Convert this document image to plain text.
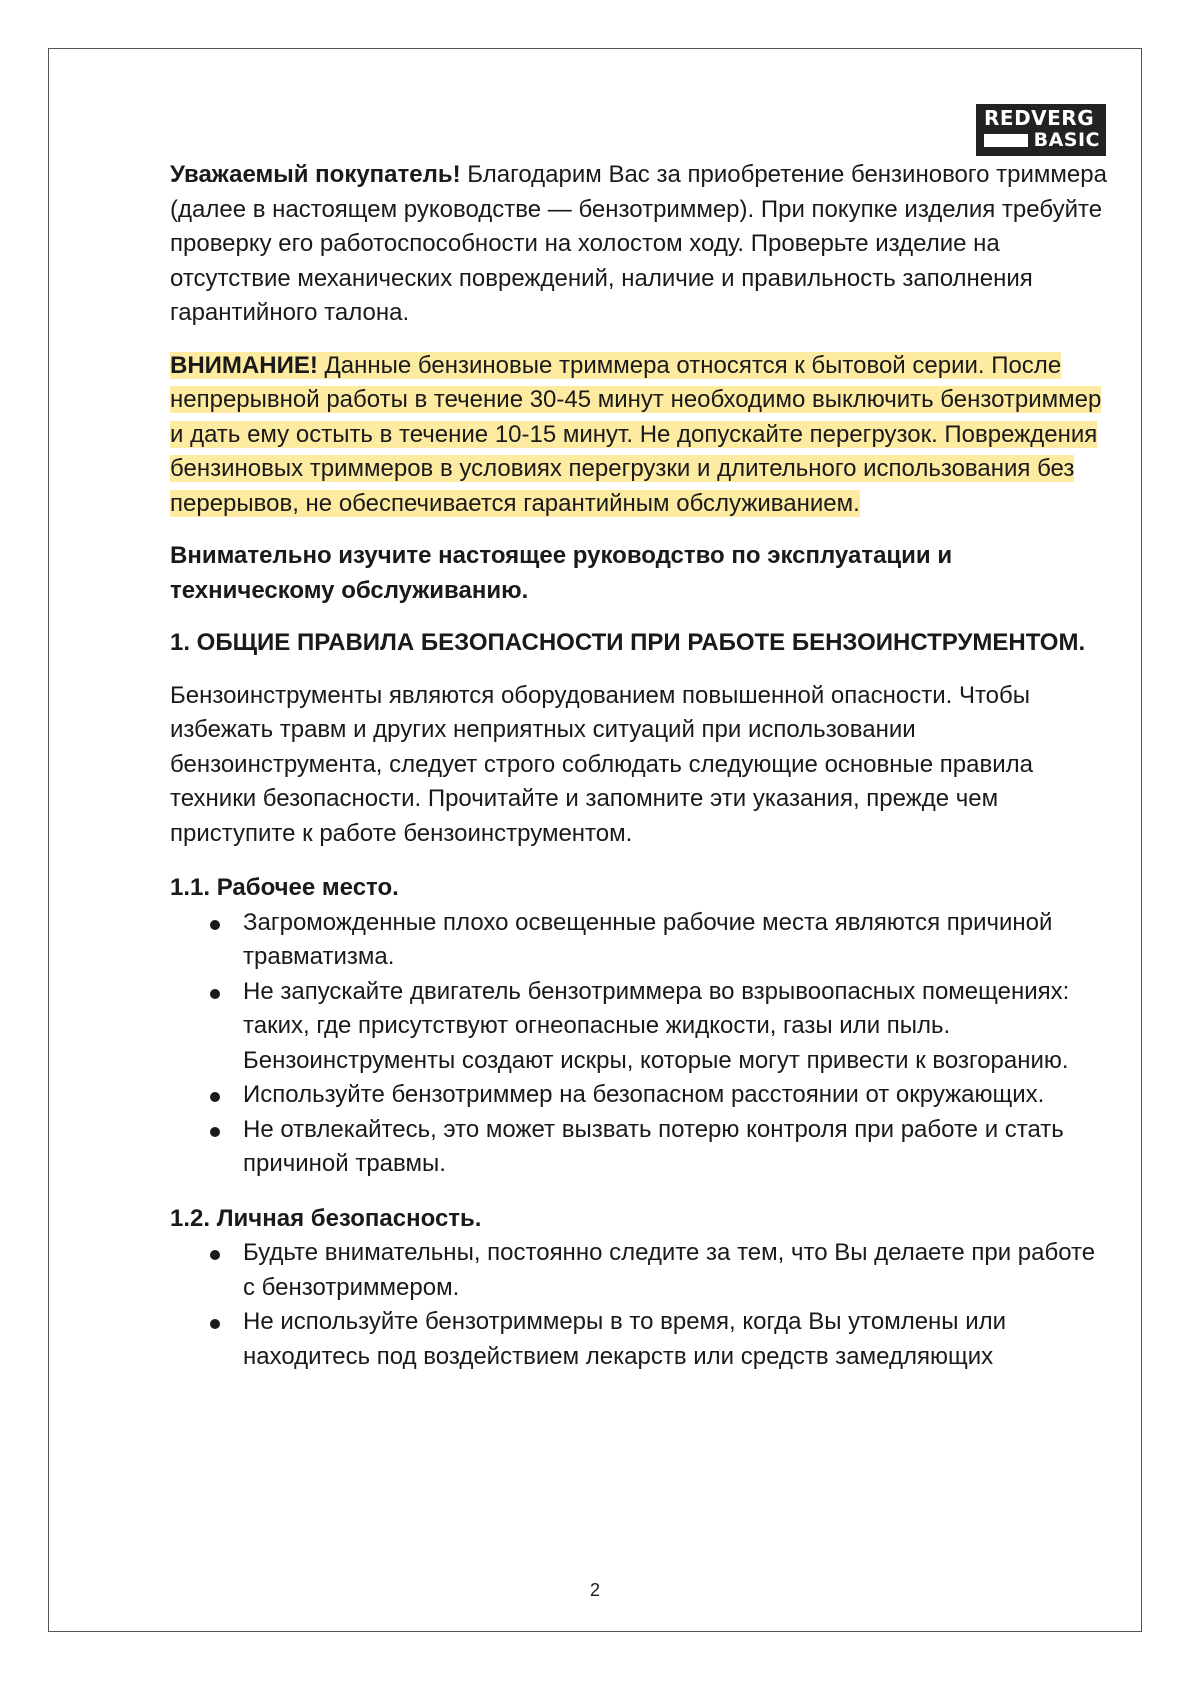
REDVERG
BASIC

Уважаемый покупатель! Благодарим Вас за приобретение бензинового триммера (далее в настоящем руководстве — бензотриммер). При покупке изделия требуйте проверку его работоспособности на холостом ходу. Проверьте изделие на отсутствие механических повреждений, наличие и правильность заполнения гарантийного талона.

ВНИМАНИЕ! Данные бензиновые триммера относятся к бытовой серии. После непрерывной работы в течение 30-45 минут необходимо выключить бензотриммер и дать ему остыть в течение 10-15 минут. Не допускайте перегрузок. Повреждения бензиновых триммеров в условиях перегрузки и длительного использования без перерывов, не обеспечивается гарантийным обслуживанием.

Внимательно изучите настоящее руководство по эксплуатации и техническому обслуживанию.

1. ОБЩИЕ ПРАВИЛА БЕЗОПАСНОСТИ ПРИ РАБОТЕ БЕНЗОИНСТРУМЕНТОМ.

Бензоинструменты являются оборудованием повышенной опасности. Чтобы избежать травм и других неприятных ситуаций при использовании бензоинструмента, следует строго соблюдать следующие основные правила техники безопасности. Прочитайте и запомните эти указания, прежде чем приступите к работе бензоинструментом.

1.1. Рабочее место.

Загроможденные плохо освещенные рабочие места являются причиной травматизма.
Не запускайте двигатель бензотриммера во взрывоопасных помещениях: таких, где присутствуют огнеопасные жидкости, газы или пыль. Бензоинструменты создают искры, которые могут привести к возгоранию.
Используйте бензотриммер на безопасном расстоянии от окружающих.
Не отвлекайтесь, это может вызвать потерю контроля при работе и стать причиной травмы.

1.2. Личная безопасность.

Будьте внимательны, постоянно следите за тем, что Вы делаете при работе с бензотриммером.
Не используйте бензотриммеры в то время, когда Вы утомлены или находитесь под воздействием лекарств или средств замедляющих
2
